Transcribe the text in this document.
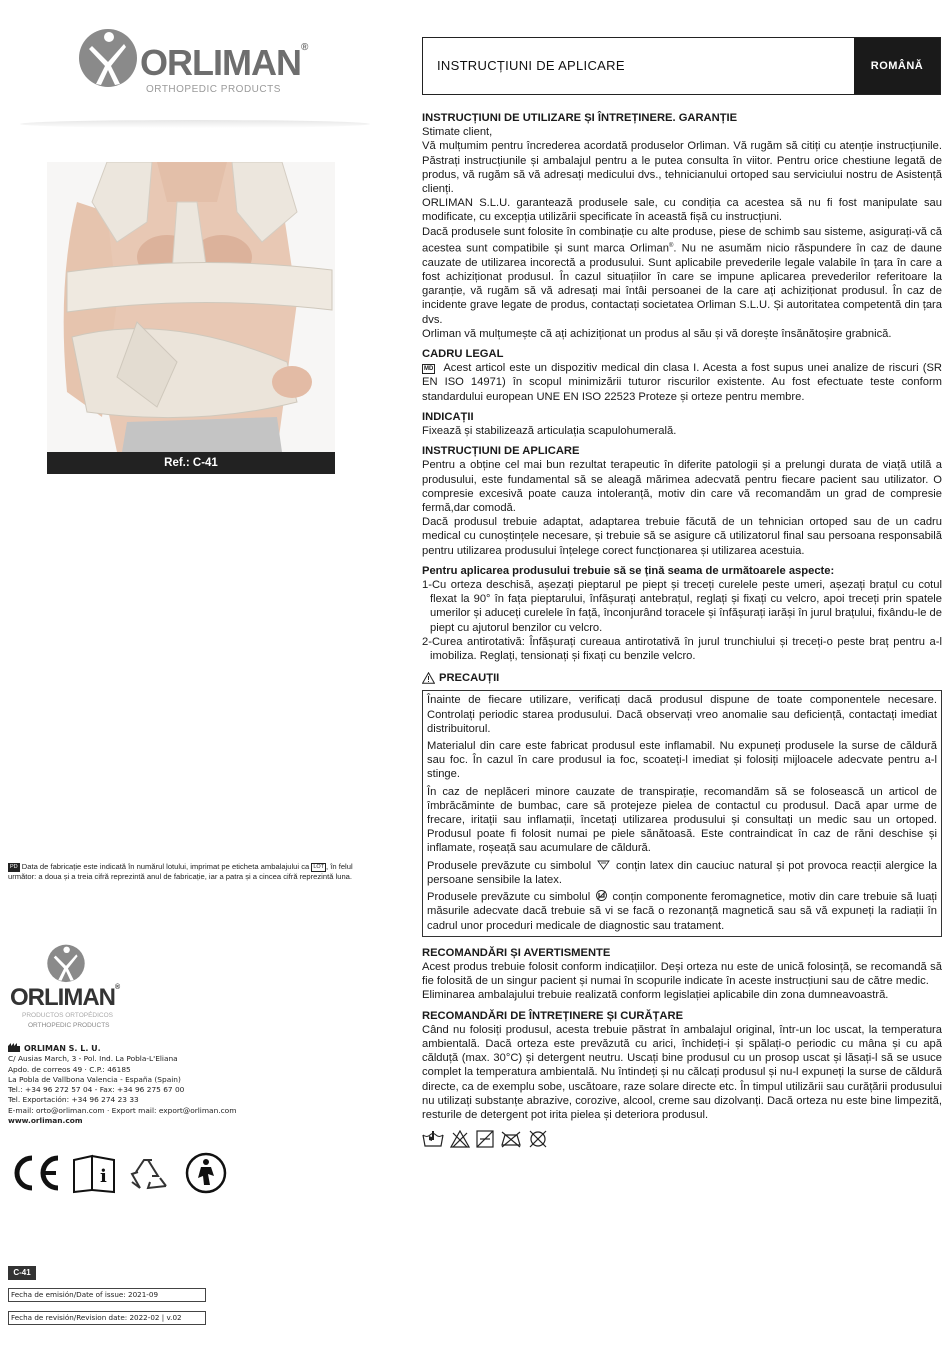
ORLIMAN®
ORTHOPEDIC PRODUCTS
Ref.: C-41
PD Data de fabricație este indicată în numărul lotului, imprimat pe eticheta ambalajului ca LOT , în felul următor: a doua și a treia cifră reprezintă anul de fabricație, iar a patra și a cincea cifră reprezintă luna.
ORLIMAN®
PRODUCTOS ORTOPÉDICOS
ORTHOPEDIC PRODUCTS
ORLIMAN S. L. U.
C/ Ausias March, 3 - Pol. Ind. La Pobla-L'Eliana
Apdo. de correos 49 · C.P.: 46185
La Pobla de Vallbona Valencia - España (Spain)
Tel.: +34 96 272 57 04 - Fax: +34 96 275 67 00
Tel. Exportación: +34 96 274 23 33
E-mail: orto@orliman.com · Export mail: export@orliman.com
www.orliman.com
i
C-41
Fecha de emisión/Date of issue: 2021-09
Fecha de revisión/Revision date: 2022-02 | v.02
INSTRUCȚIUNI DE APLICARE	ROMÂNĂ
INSTRUCȚIUNI DE UTILIZARE ȘI ÎNTREȚINERE. GARANȚIE

Stimate client,

Vă mulțumim pentru încrederea acordată produselor Orliman. Vă rugăm să citiți cu atenție instrucțiunile. Păstrați instrucțiunile și ambalajul pentru a le putea consulta în viitor. Pentru orice chestiune legată de produs, vă rugăm să vă adresați medicului dvs., tehnicianului ortoped sau serviciului nostru de Asistență clienți.

ORLIMAN S.L.U. garantează produsele sale, cu condiția ca acestea să nu fi fost manipulate sau modificate, cu excepția utilizării specificate în această fișă cu instrucțiuni.

Dacă produsele sunt folosite în combinație cu alte produse, piese de schimb sau sisteme, asigurați-vă că acestea sunt compatibile și sunt marca Orliman®. Nu ne asumăm nicio răspundere în caz de daune cauzate de utilizarea incorectă a produsului. Sunt aplicabile prevederile legale valabile în țara în care a fost achiziționat produsul. În cazul situațiilor în care se impune aplicarea prevederilor referitoare la garanție, vă rugăm să vă adresați mai întâi persoanei de la care ați achiziționat produsul. În caz de incidente grave legate de produs, contactați societatea Orliman S.L.U. Și autoritatea competentă din țara dvs.

Orliman vă mulțumește că ați achiziționat un produs al său și vă dorește însănătoșire grabnică.

CADRU LEGAL

MD Acest articol este un dispozitiv medical din clasa I. Acesta a fost supus unei analize de riscuri (SR EN ISO 14971) în scopul minimizării tuturor riscurilor existente. Au fost efectuate teste conform standardului european UNE EN ISO 22523 Proteze și orteze pentru membre.

INDICAȚII

Fixează și stabilizează articulația scapulohumerală.

INSTRUCȚIUNI DE APLICARE

Pentru a obține cel mai bun rezultat terapeutic în diferite patologii și a prelungi durata de viață utilă a produsului, este fundamental să se aleagă mărimea adecvată pentru fiecare pacient sau utilizator. O compresie excesivă poate cauza intoleranță, motiv din care vă recomandăm un grad de compresie fermă,dar comodă.

Dacă produsul trebuie adaptat, adaptarea trebuie făcută de un tehnician ortoped sau de un cadru medical cu cunoștințele necesare, și trebuie să se asigure că utilizatorul final sau persoana responsabilă pentru utilizarea produsului înțelege corect funcționarea și utilizarea acestuia.

Pentru aplicarea produsului trebuie să se țină seama de următoarele aspecte:
1-Cu orteza deschisă, așezați pieptarul pe piept și treceți curelele peste umeri, așezați brațul cu cotul flexat la 90° în fața pieptarului, înfășurați antebrațul, reglați și fixați cu velcro, apoi treceți prin spatele umerilor și aduceți curelele în față, înconjurând toracele și înfășurați iarăși în jurul brațului, fixându-le de piept cu ajutorul benzilor cu velcro.
2-Curea antirotativă: Înfășurați cureaua antirotativă în jurul trunchiului și treceți-o peste braț pentru a-l imobiliza. Reglați, tensionați și fixați cu benzile velcro.
PRECAUȚII

Înainte de fiecare utilizare, verificați dacă produsul dispune de toate componentele necesare. Controlați periodic starea produsului. Dacă observați vreo anomalie sau deficiență, contactați imediat distribuitorul.

Materialul din care este fabricat produsul este inflamabil. Nu expuneți produsele la surse de căldură sau foc. În cazul în care produsul ia foc, scoateți-l imediat și folosiți mijloacele adecvate pentru a-l stinge.

În caz de neplăceri minore cauzate de transpirație, recomandăm să se folosească un articol de îmbrăcăminte de bumbac, care să protejeze pielea de contactul cu produsul. Dacă apar urme de frecare, iritații sau inflamații, încetați utilizarea produsului și consultați un medic sau un ortoped. Produsul poate fi folosit numai pe piele sănătoasă. Este contraindicat în caz de răni deschise și inflamate, roșeață sau acumulare de căldură.

Produsele prevăzute cu simbolul conțin latex din cauciuc natural și pot provoca reacții alergice la persoane sensibile la latex.

Produsele prevăzute cu simbolul conțin componente feromagnetice, motiv din care trebuie să luați măsurile adecvate dacă trebuie să vi se facă o rezonanță magnetică sau să vă expuneți la radiații în cadrul unor proceduri medicale de diagnostic sau tratament.

RECOMANDĂRI ȘI AVERTISMENTE

Acest produs trebuie folosit conform indicațiilor. Deși orteza nu este de unică folosință, se recomandă să fie folosită de un singur pacient și numai în scopurile indicate în aceste instrucțiuni sau de către medic.

Eliminarea ambalajului trebuie realizată conform legislației aplicabile din zona dumneavoastră.

RECOMANDĂRI DE ÎNTREȚINERE ȘI CURĂȚARE

Când nu folosiți produsul, acesta trebuie păstrat în ambalajul original, într-un loc uscat, la temperatura ambientală. Dacă orteza este prevăzută cu arici, închideți-i și spălați-o periodic cu mâna și cu apă călduță (max. 30°C) și detergent neutru. Uscați bine produsul cu un prosop uscat și lăsați-l să se usuce complet la temperatura ambientală. Nu întindeți și nu călcați produsul și nu-l expuneți la surse de căldură directe, ca de exemplu sobe, uscătoare, raze solare directe etc. În timpul utilizării sau curățării produsului nu utilizați substanțe abrazive, corozive, alcool, creme sau dizolvanți. Dacă orteza nu este bine limpezită, resturile de detergent pot irita pielea și deteriora produsul.
